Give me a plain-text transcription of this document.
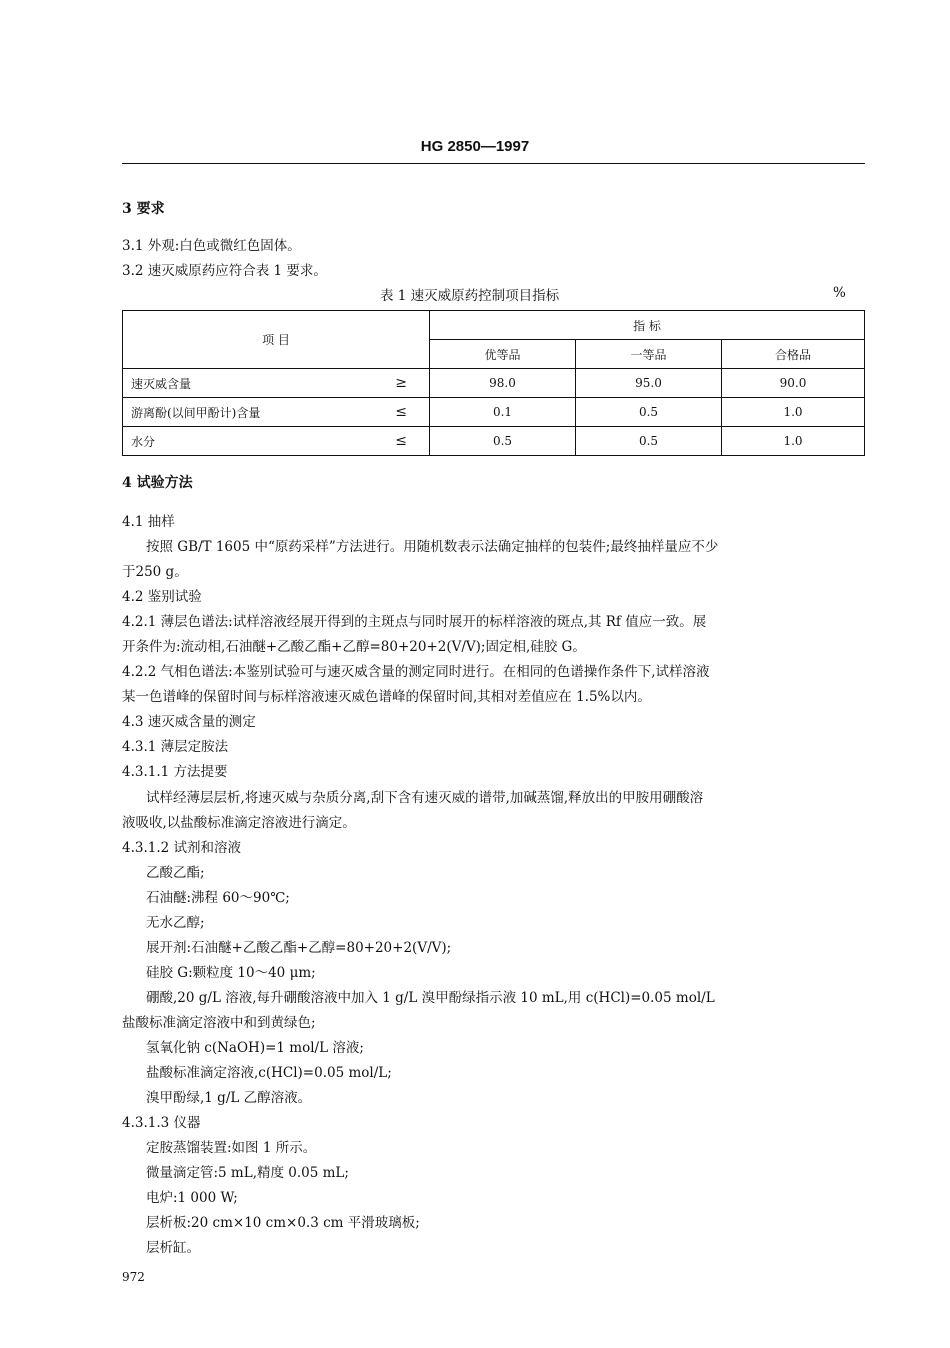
HG 2850—1997
3 要求
3.1 外观:白色或微红色固体。
3.2 速灭威原药应符合表 1 要求。
表 1 速灭威原药控制项目指标	%
项 目	指 标		
	优等品	一等品	合格品
速灭威含量 ≥	98.0	95.0	90.0
游离酚(以间甲酚计)含量 ≤	0.1	0.5	1.0
水分 ≤	0.5	0.5	1.0
4 试验方法
4.1 抽样
按照 GB/T 1605 中“原药采样”方法进行。用随机数表示法确定抽样的包装件;最终抽样量应不少
于250 g。
4.2 鉴别试验
4.2.1 薄层色谱法:试样溶液经展开得到的主斑点与同时展开的标样溶液的斑点,其 Rf 值应一致。展
开条件为:流动相,石油醚+乙酸乙酯+乙醇=80+20+2(V/V);固定相,硅胶 G。
4.2.2 气相色谱法:本鉴别试验可与速灭威含量的测定同时进行。在相同的色谱操作条件下,试样溶液
某一色谱峰的保留时间与标样溶液速灭威色谱峰的保留时间,其相对差值应在 1.5%以内。
4.3 速灭威含量的测定
4.3.1 薄层定胺法
4.3.1.1 方法提要
试样经薄层层析,将速灭威与杂质分离,刮下含有速灭威的谱带,加碱蒸馏,释放出的甲胺用硼酸溶
液吸收,以盐酸标准滴定溶液进行滴定。
4.3.1.2 试剂和溶液
乙酸乙酯;
石油醚:沸程 60～90℃;
无水乙醇;
展开剂:石油醚+乙酸乙酯+乙醇=80+20+2(V/V);
硅胶 G:颗粒度 10～40 μm;
硼酸,20 g/L 溶液,每升硼酸溶液中加入 1 g/L 溴甲酚绿指示液 10 mL,用 c(HCl)=0.05 mol/L
盐酸标准滴定溶液中和到黄绿色;
氢氧化钠 c(NaOH)=1 mol/L 溶液;
盐酸标准滴定溶液,c(HCl)=0.05 mol/L;
溴甲酚绿,1 g/L 乙醇溶液。
4.3.1.3 仪器
定胺蒸馏装置:如图 1 所示。
微量滴定管:5 mL,精度 0.05 mL;
电炉:1 000 W;
层析板:20 cm×10 cm×0.3 cm 平滑玻璃板;
层析缸。
972
